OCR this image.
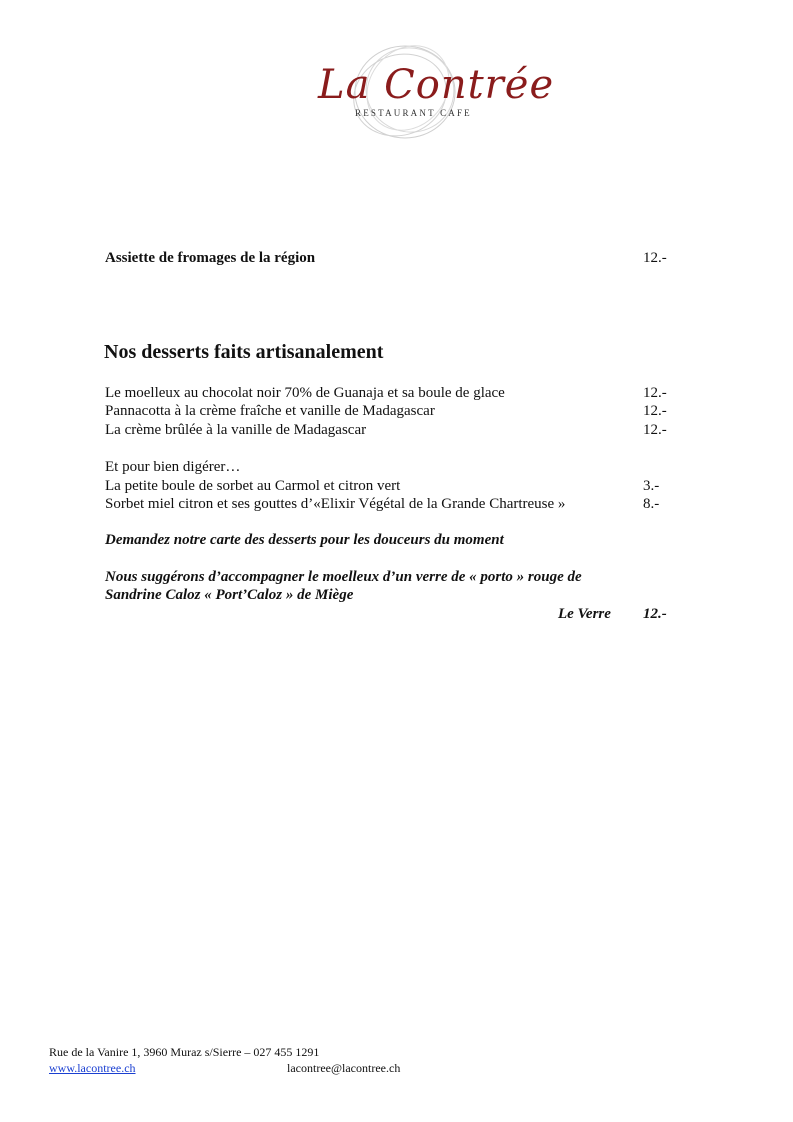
La Contrée
RESTAURANT CAFE
Assiette de fromages de la région	12.-
Nos desserts faits artisanalement
Le moelleux au chocolat noir 70% de Guanaja et sa boule de glace	12.-
Pannacotta à la crème fraîche et vanille de Madagascar	12.-
La crème brûlée à la vanille de Madagascar	12.-
Et pour bien digérer…
La petite boule de sorbet au Carmol et citron vert	3.-
Sorbet miel citron et ses gouttes d’«Elixir Végétal de la Grande Chartreuse »	8.-
Demandez notre carte des desserts pour les douceurs du moment
Nous suggérons d’accompagner le moelleux d’un verre de « porto » rouge de
Sandrine Caloz « Port’Caloz » de Miège
Le Verre 12.-
Rue de la Vanire 1, 3960 Muraz s/Sierre – 027 455 1291
www.lacontree.ch	lacontree@lacontree.ch
